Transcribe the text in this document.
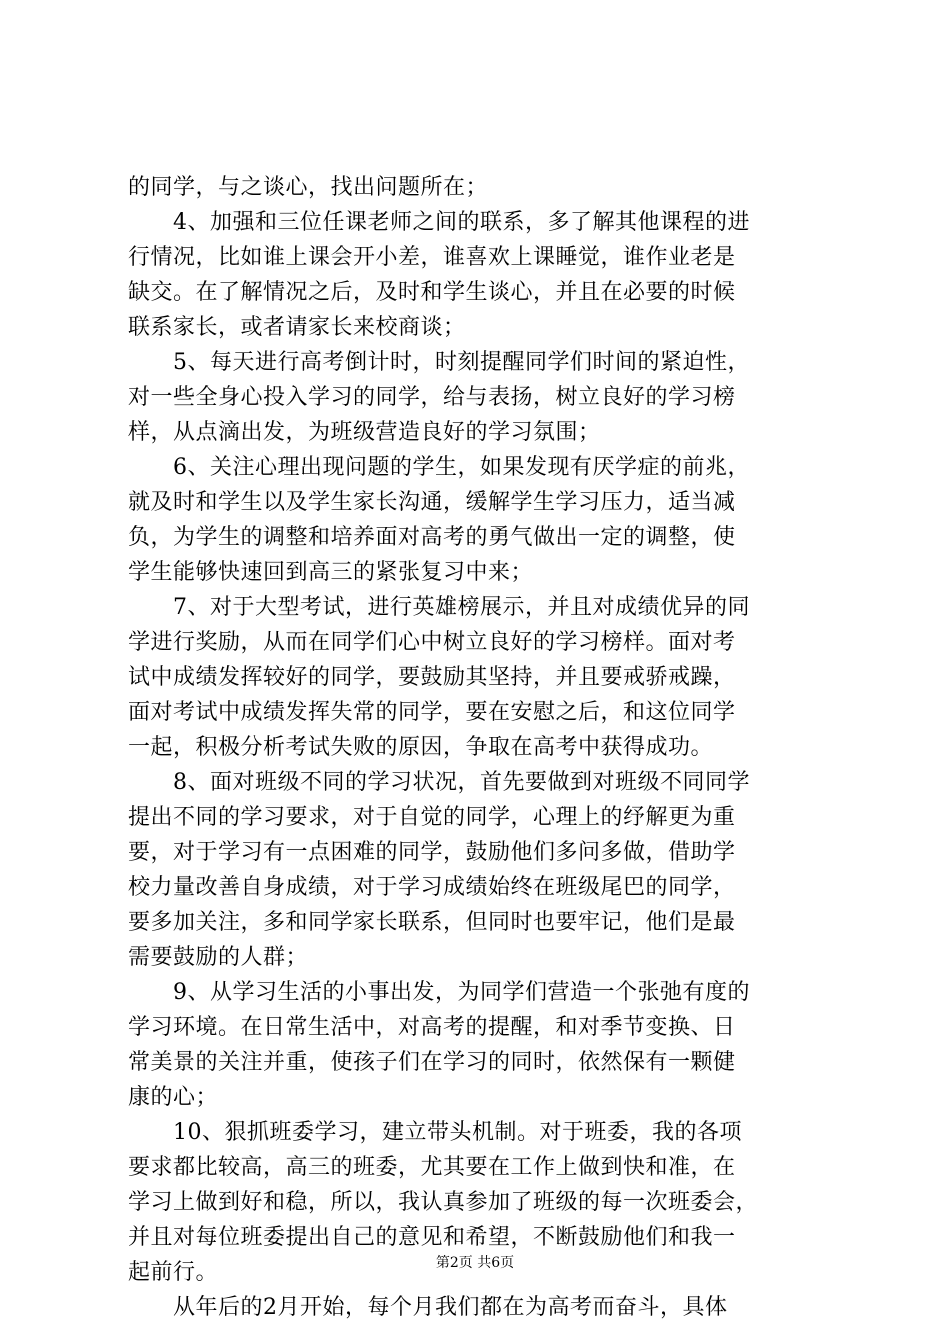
的同学，与之谈心，找出问题所在；
　　4、加强和三位任课老师之间的联系，多了解其他课程的进
行情况，比如谁上课会开小差，谁喜欢上课睡觉，谁作业老是
缺交。在了解情况之后，及时和学生谈心，并且在必要的时候
联系家长，或者请家长来校商谈；
　　5、每天进行高考倒计时，时刻提醒同学们时间的紧迫性，
对一些全身心投入学习的同学，给与表扬，树立良好的学习榜
样，从点滴出发，为班级营造良好的学习氛围；
　　6、关注心理出现问题的学生，如果发现有厌学症的前兆，
就及时和学生以及学生家长沟通，缓解学生学习压力，适当减
负，为学生的调整和培养面对高考的勇气做出一定的调整，使
学生能够快速回到高三的紧张复习中来；
　　7、对于大型考试，进行英雄榜展示，并且对成绩优异的同
学进行奖励，从而在同学们心中树立良好的学习榜样。面对考
试中成绩发挥较好的同学，要鼓励其坚持，并且要戒骄戒躁，
面对考试中成绩发挥失常的同学，要在安慰之后，和这位同学
一起，积极分析考试失败的原因，争取在高考中获得成功。
　　8、面对班级不同的学习状况，首先要做到对班级不同同学
提出不同的学习要求，对于自觉的同学，心理上的纾解更为重
要，对于学习有一点困难的同学，鼓励他们多问多做，借助学
校力量改善自身成绩，对于学习成绩始终在班级尾巴的同学，
要多加关注，多和同学家长联系，但同时也要牢记，他们是最
需要鼓励的人群；
　　9、从学习生活的小事出发，为同学们营造一个张弛有度的
学习环境。在日常生活中，对高考的提醒，和对季节变换、日
常美景的关注并重，使孩子们在学习的同时，依然保有一颗健
康的心；
　　10、狠抓班委学习，建立带头机制。对于班委，我的各项
要求都比较高，高三的班委，尤其要在工作上做到快和准，在
学习上做到好和稳，所以，我认真参加了班级的每一次班委会，
并且对每位班委提出自己的意见和希望，不断鼓励他们和我一
起前行。
　　从年后的2月开始，每个月我们都在为高考而奋斗，具体
第2页 共6页
